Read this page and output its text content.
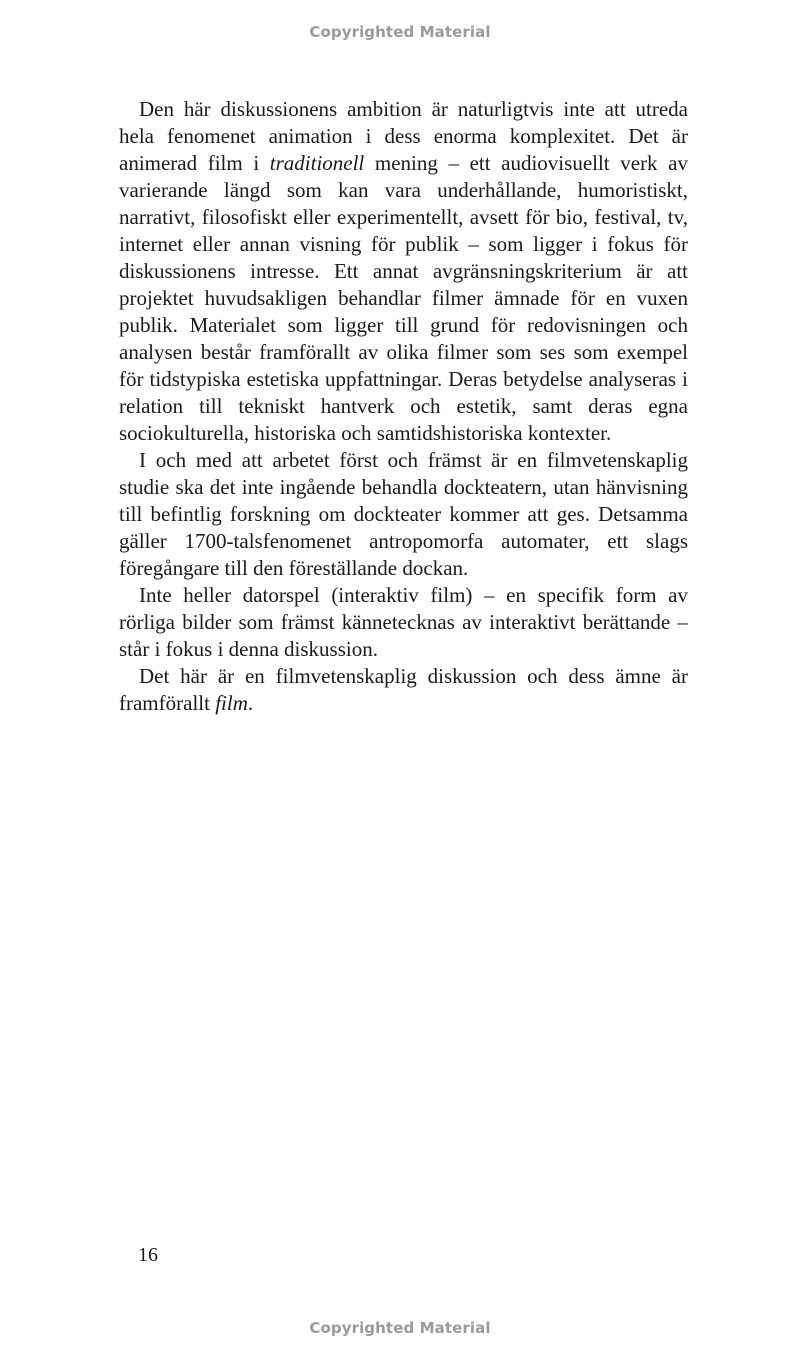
Copyrighted Material

Den här diskussionens ambition är naturligtvis inte att utreda hela fenomenet animation i dess enorma komplexitet. Det är animerad film i traditionell mening – ett audiovisuellt verk av varierande längd som kan vara underhållande, humoristiskt, narrativt, filosofiskt eller experimentellt, avsett för bio, festival, tv, internet eller annan visning för publik – som ligger i fokus för diskussionens intresse. Ett annat avgränsningskriterium är att projektet huvudsakligen behandlar filmer ämnade för en vuxen publik. Materialet som ligger till grund för redovisningen och analysen består framförallt av olika filmer som ses som exempel för tidstypiska estetiska uppfattningar. Deras betydelse analyseras i relation till tekniskt hantverk och estetik, samt deras egna sociokulturella, historiska och samtidshistoriska kontexter.

I och med att arbetet först och främst är en filmvetenskaplig studie ska det inte ingående behandla dockteatern, utan hänvisning till befintlig forskning om dockteater kommer att ges. Detsamma gäller 1700-talsfenomenet antropomorfa automater, ett slags föregångare till den föreställande dockan.

Inte heller datorspel (interaktiv film) – en specifik form av rörliga bilder som främst kännetecknas av interaktivt berättande – står i fokus i denna diskussion.

Det här är en filmvetenskaplig diskussion och dess ämne är framförallt film.

16
Copyrighted Material
